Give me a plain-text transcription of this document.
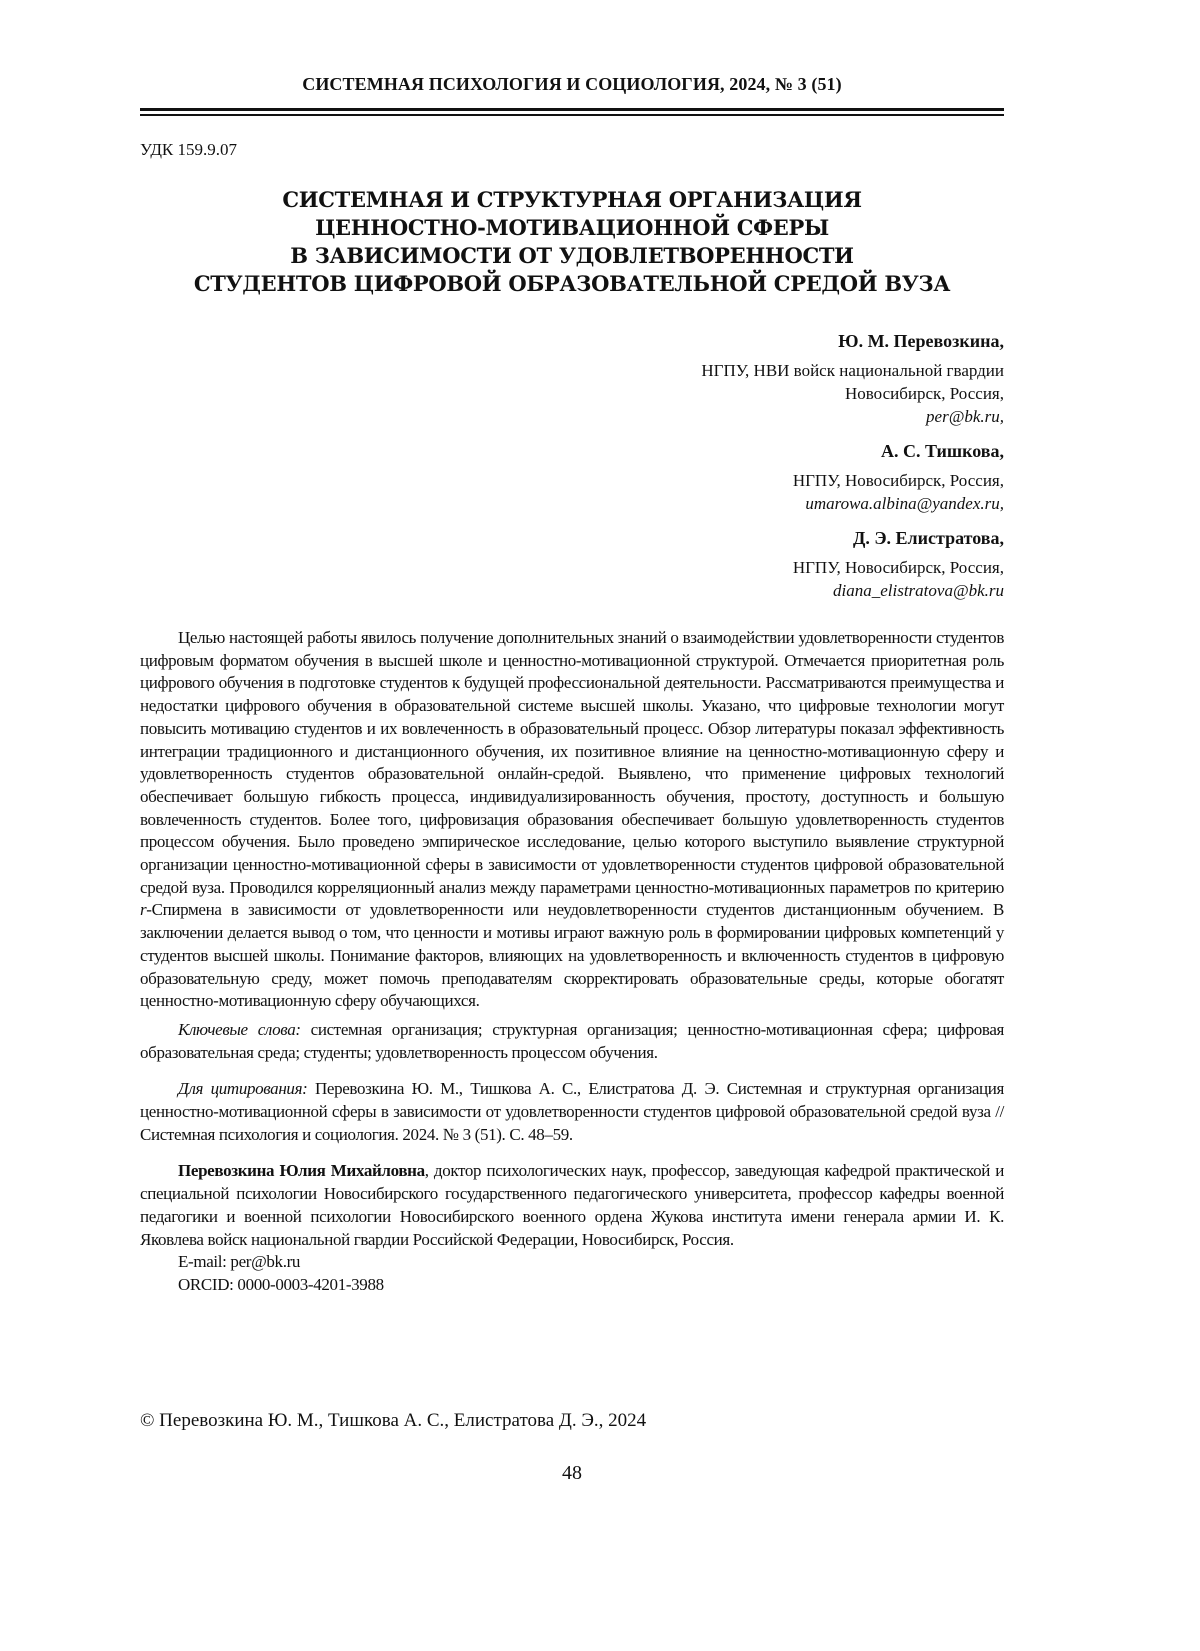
СИСТЕМНАЯ ПСИХОЛОГИЯ И СОЦИОЛОГИЯ, 2024, № 3 (51)
УДК 159.9.07
СИСТЕМНАЯ И СТРУКТУРНАЯ ОРГАНИЗАЦИЯ
ЦЕННОСТНО-МОТИВАЦИОННОЙ СФЕРЫ
В ЗАВИСИМОСТИ ОТ УДОВЛЕТВОРЕННОСТИ
СТУДЕНТОВ ЦИФРОВОЙ ОБРАЗОВАТЕЛЬНОЙ СРЕДОЙ ВУЗА
Ю. М. Перевозкина,
НГПУ, НВИ войск национальной гвардии
Новосибирск, Россия,
per@bk.ru,
А. С. Тишкова,
НГПУ, Новосибирск, Россия,
umarowa.albina@yandex.ru,
Д. Э. Елистратова,
НГПУ, Новосибирск, Россия,
diana_elistratova@bk.ru

Целью настоящей работы явилось получение дополнительных знаний о взаимодействии удовлетворенности студентов цифровым форматом обучения в высшей школе и ценностно-мотивационной структурой. Отмечается приоритетная роль цифрового обучения в подготовке студентов к будущей профессиональной деятельности. Рассматриваются преимущества и недостатки цифрового обучения в образовательной системе высшей школы. Указано, что цифровые технологии могут повысить мотивацию студентов и их вовлеченность в образовательный процесс. Обзор литературы показал эффективность интеграции традиционного и дистанционного обучения, их позитивное влияние на ценностно-мотивационную сферу и удовлетворенность студентов образовательной онлайн-средой. Выявлено, что применение цифровых технологий обеспечивает большую гибкость процесса, индивидуализированность обучения, простоту, доступность и большую вовлеченность студентов. Более того, цифровизация образования обеспечивает большую удовлетворенность студентов процессом обучения. Было проведено эмпирическое исследование, целью которого выступило выявление структурной организации ценностно-мотивационной сферы в зависимости от удовлетворенности студентов цифровой образовательной средой вуза. Проводился корреляционный анализ между параметрами ценностно-мотивационных параметров по критерию r-Спирмена в зависимости от удовлетворенности или неудовлетворенности студентов дистанционным обучением. В заключении делается вывод о том, что ценности и мотивы играют важную роль в формировании цифровых компетенций у студентов высшей школы. Понимание факторов, влияющих на удовлетворенность и включенность студентов в цифровую образовательную среду, может помочь преподавателям скорректировать образовательные среды, которые обогатят ценностно-мотивационную сферу обучающихся.

Ключевые слова: системная организация; структурная организация; ценностно-мотивационная сфера; цифровая образовательная среда; студенты; удовлетворенность процессом обучения.

Для цитирования: Перевозкина Ю. М., Тишкова А. С., Елистратова Д. Э. Системная и структурная организация ценностно-мотивационной сферы в зависимости от удовлетворенности студентов цифровой образовательной средой вуза // Системная психология и социология. 2024. № 3 (51). С. 48–59.

Перевозкина Юлия Михайловна, доктор психологических наук, профессор, заведующая кафедрой практической и специальной психологии Новосибирского государственного педагогического университета, профессор кафедры военной педагогики и военной психологии Новосибирского военного ордена Жукова института имени генерала армии И. К. Яковлева войск национальной гвардии Российской Федерации, Новосибирск, Россия.

E-mail: per@bk.ru

ORCID: 0000-0003-4201-3988

© Перевозкина Ю. М., Тишкова А. С., Елистратова Д. Э., 2024
48
